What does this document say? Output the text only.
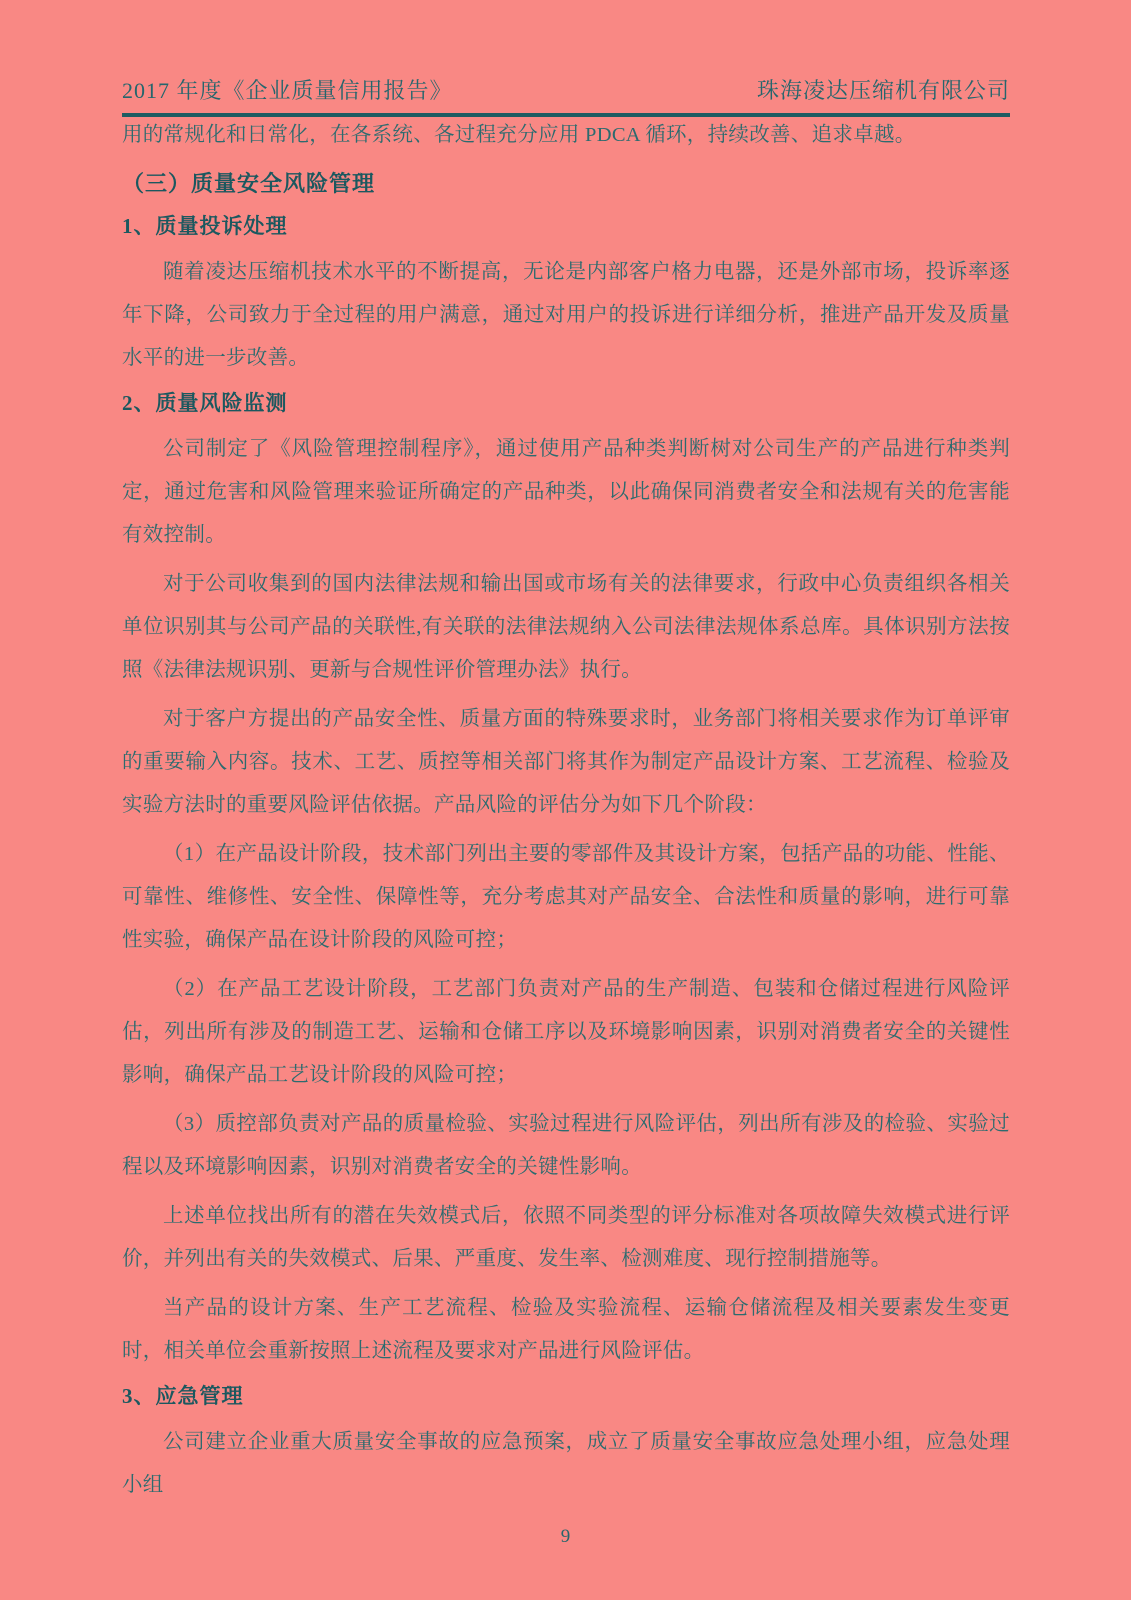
2017 年度《企业质量信用报告》	珠海凌达压缩机有限公司

用的常规化和日常化，在各系统、各过程充分应用 PDCA 循环，持续改善、追求卓越。

（三）质量安全风险管理
1、质量投诉处理

随着凌达压缩机技术水平的不断提高，无论是内部客户格力电器，还是外部市场，投诉率逐年下降，公司致力于全过程的用户满意，通过对用户的投诉进行详细分析，推进产品开发及质量水平的进一步改善。

2、质量风险监测

公司制定了《风险管理控制程序》，通过使用产品种类判断树对公司生产的产品进行种类判定，通过危害和风险管理来验证所确定的产品种类，以此确保同消费者安全和法规有关的危害能有效控制。

对于公司收集到的国内法律法规和输出国或市场有关的法律要求，行政中心负责组织各相关单位识别其与公司产品的关联性,有关联的法律法规纳入公司法律法规体系总库。具体识别方法按照《法律法规识别、更新与合规性评价管理办法》执行。

对于客户方提出的产品安全性、质量方面的特殊要求时，业务部门将相关要求作为订单评审的重要输入内容。技术、工艺、质控等相关部门将其作为制定产品设计方案、工艺流程、检验及实验方法时的重要风险评估依据。产品风险的评估分为如下几个阶段：

（1）在产品设计阶段，技术部门列出主要的零部件及其设计方案，包括产品的功能、性能、可靠性、维修性、安全性、保障性等，充分考虑其对产品安全、合法性和质量的影响，进行可靠性实验，确保产品在设计阶段的风险可控；

（2）在产品工艺设计阶段，工艺部门负责对产品的生产制造、包装和仓储过程进行风险评估，列出所有涉及的制造工艺、运输和仓储工序以及环境影响因素，识别对消费者安全的关键性影响，确保产品工艺设计阶段的风险可控；

（3）质控部负责对产品的质量检验、实验过程进行风险评估，列出所有涉及的检验、实验过程以及环境影响因素，识别对消费者安全的关键性影响。

上述单位找出所有的潜在失效模式后，依照不同类型的评分标准对各项故障失效模式进行评价，并列出有关的失效模式、后果、严重度、发生率、检测难度、现行控制措施等。

当产品的设计方案、生产工艺流程、检验及实验流程、运输仓储流程及相关要素发生变更时，相关单位会重新按照上述流程及要求对产品进行风险评估。

3、应急管理

公司建立企业重大质量安全事故的应急预案，成立了质量安全事故应急处理小组，应急处理小组

9
